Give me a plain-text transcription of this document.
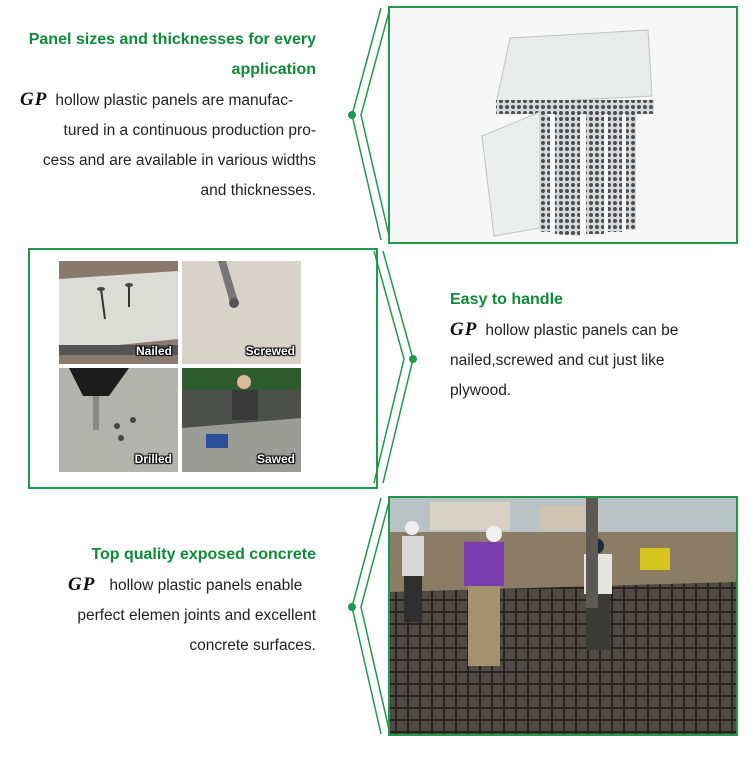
Panel sizes and thicknesses for every
application
GP hollow plastic panels are manufac-
tured in a continuous production pro-
cess and are available in various widths
and thicknesses.
Nailed	Screwed
Drilled	Sawed
Easy to handle
GP hollow plastic panels can be
nailed,screwed and cut just like
plywood.
Top quality exposed concrete
GP hollow plastic panels enable
perfect elemen joints and excellent
concrete surfaces.
